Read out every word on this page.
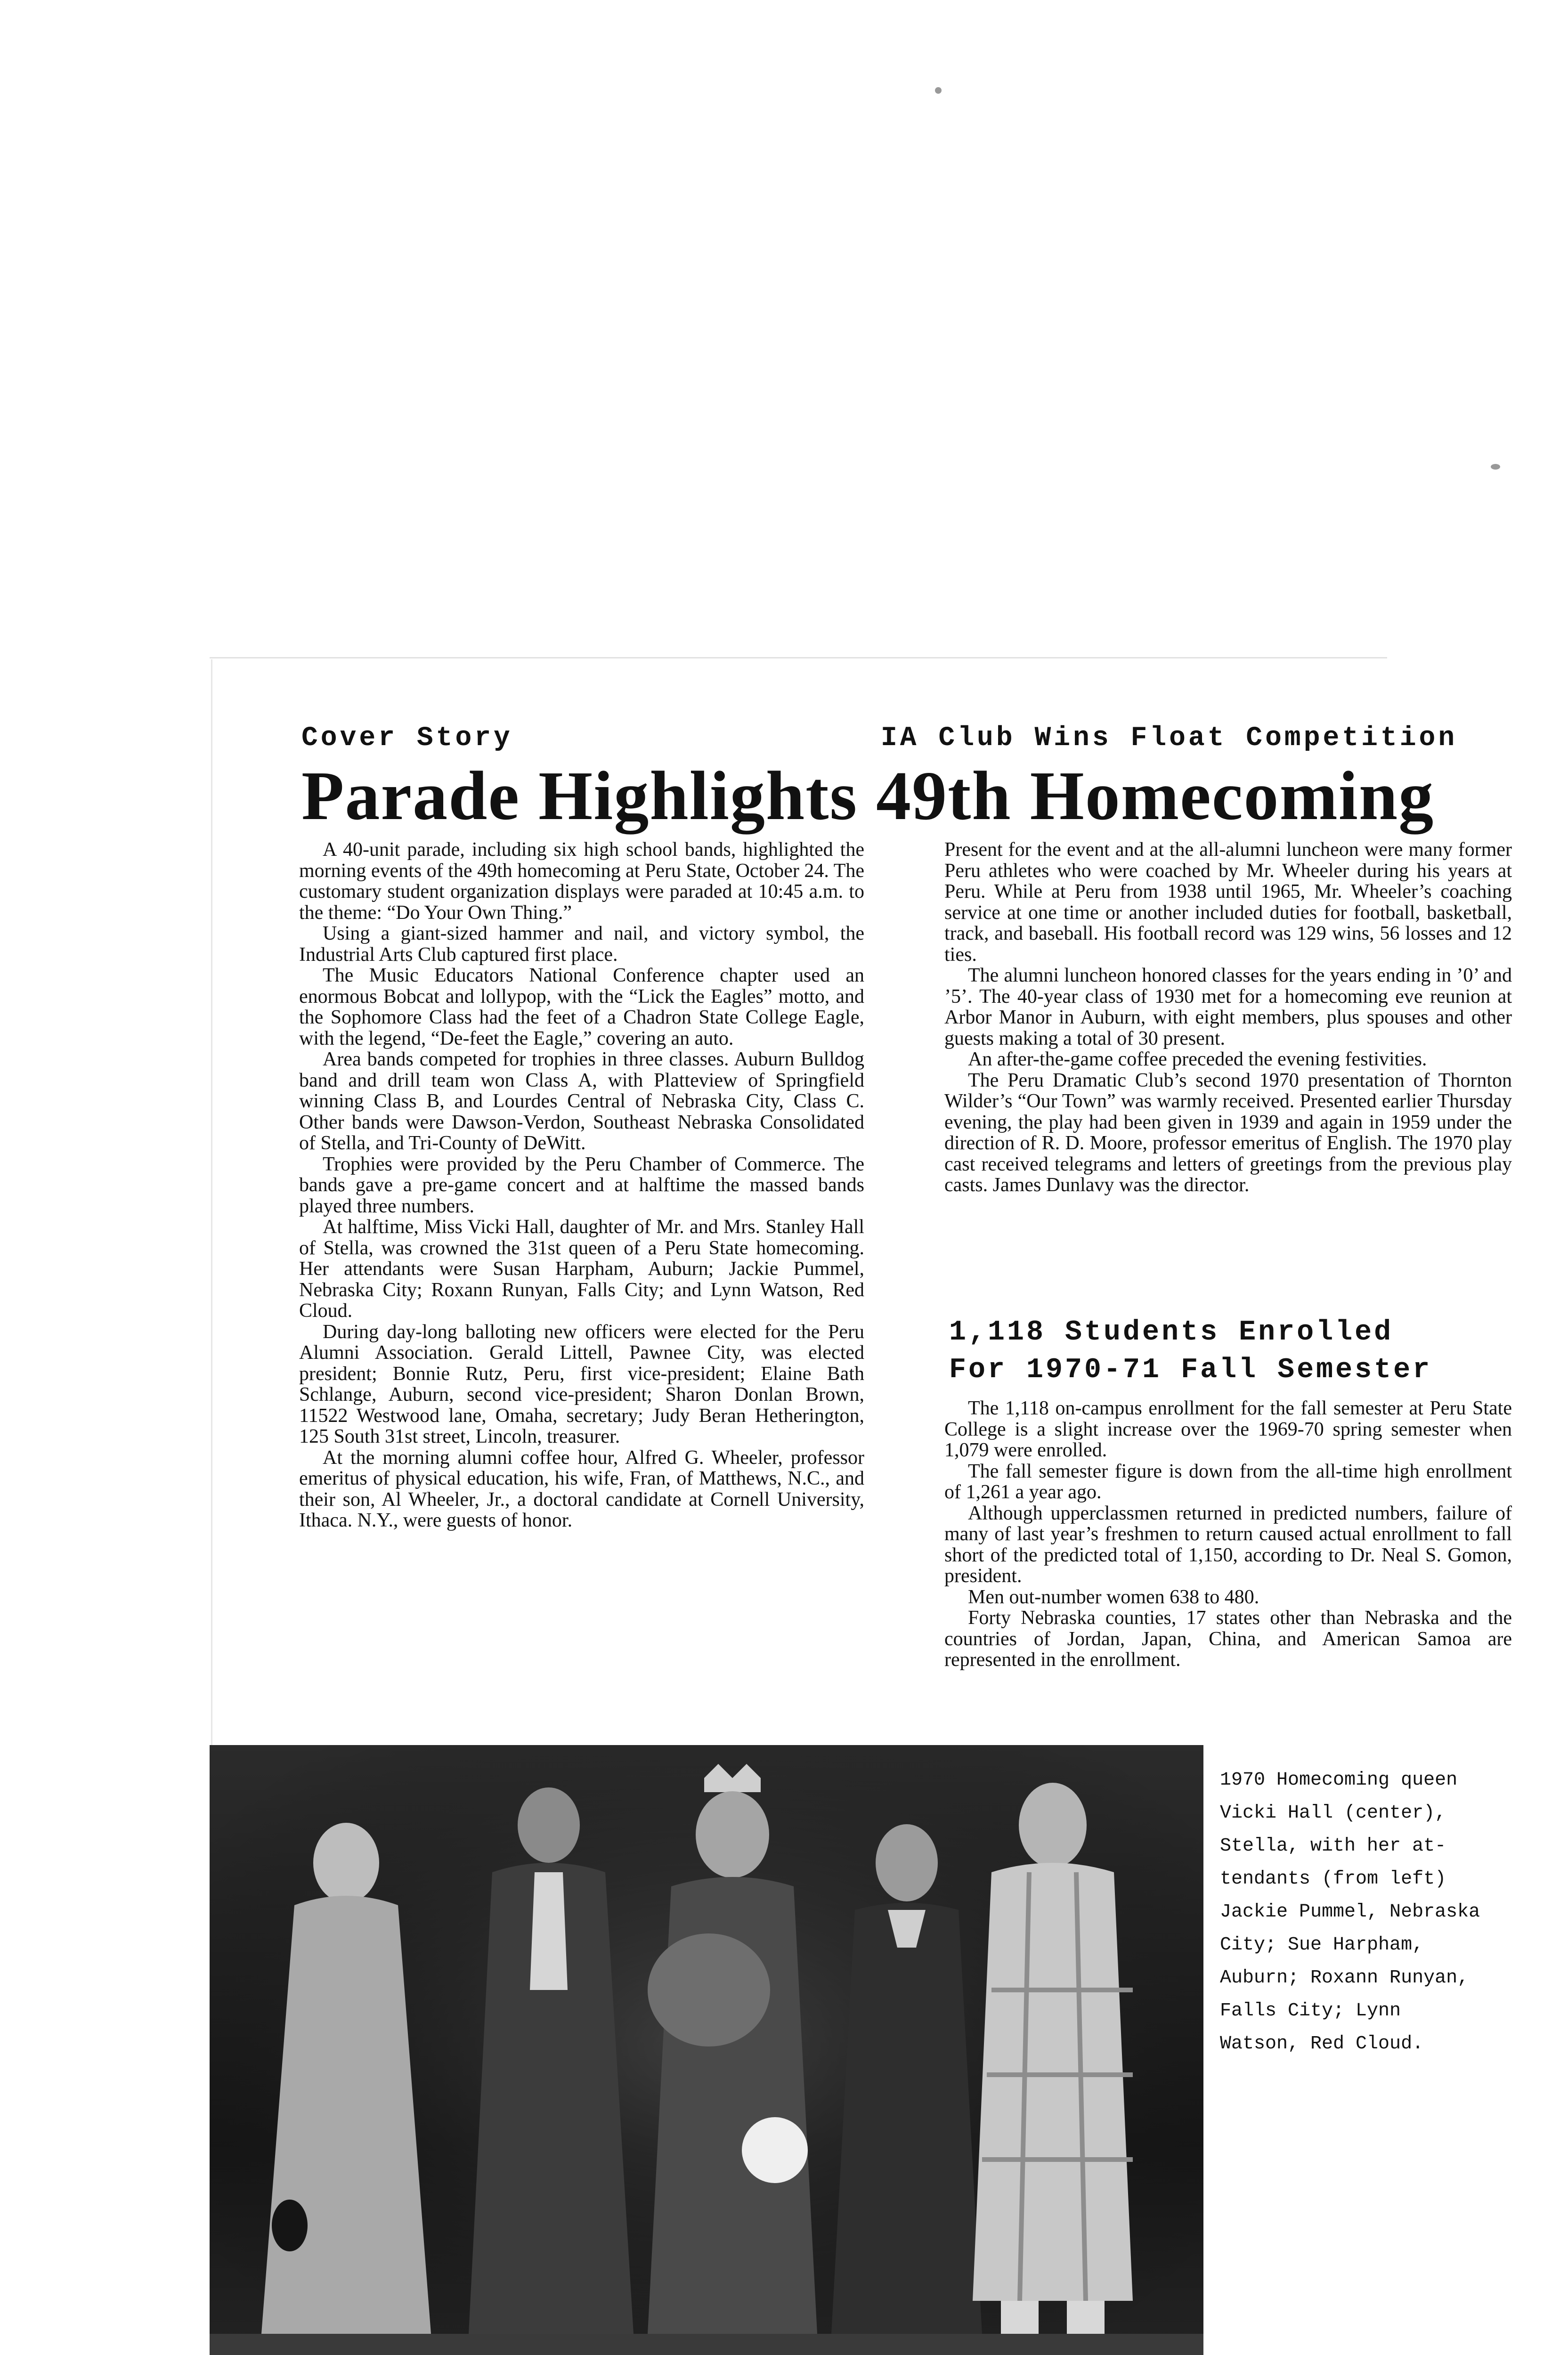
Cover Story	IA Club Wins Float Competition
Parade Highlights 49th Homecoming

A 40-unit parade, including six high school bands, highlighted the morning events of the 49th homecoming at Peru State, October 24. The customary student organization displays were paraded at 10:45 a.m. to the theme: “Do Your Own Thing.”

Using a giant-sized hammer and nail, and victory symbol, the Industrial Arts Club captured first place.

The Music Educators National Conference chapter used an enormous Bobcat and lollypop, with the “Lick the Eagles” motto, and the Sophomore Class had the feet of a Chadron State College Eagle, with the legend, “De-feet the Eagle,” covering an auto.

Area bands competed for trophies in three classes. Auburn Bulldog band and drill team won Class A, with Platteview of Springfield winning Class B, and Lourdes Central of Nebraska City, Class C. Other bands were Dawson-Verdon, Southeast Nebraska Consolidated of Stella, and Tri-County of DeWitt.

Trophies were provided by the Peru Chamber of Commerce. The bands gave a pre-game concert and at halftime the massed bands played three numbers.

At halftime, Miss Vicki Hall, daughter of Mr. and Mrs. Stanley Hall of Stella, was crowned the 31st queen of a Peru State homecoming. Her attendants were Susan Harpham, Auburn; Jackie Pummel, Nebraska City; Roxann Runyan, Falls City; and Lynn Watson, Red Cloud.

During day-long balloting new officers were elected for the Peru Alumni Association. Gerald Littell, Pawnee City, was elected president; Bonnie Rutz, Peru, first vice-president; Elaine Bath Schlange, Auburn, second vice-president; Sharon Donlan Brown, 11522 Westwood lane, Omaha, secretary; Judy Beran Hetherington, 125 South 31st street, Lincoln, treasurer.

At the morning alumni coffee hour, Alfred G. Wheeler, professor emeritus of physical education, his wife, Fran, of Matthews, N.C., and their son, Al Wheeler, Jr., a doctoral candidate at Cornell University, Ithaca. N.Y., were guests of honor.

Present for the event and at the all-alumni luncheon were many former Peru athletes who were coached by Mr. Wheeler during his years at Peru. While at Peru from 1938 until 1965, Mr. Wheeler’s coaching service at one time or another included duties for football, basketball, track, and baseball. His football record was 129 wins, 56 losses and 12 ties.

The alumni luncheon honored classes for the years ending in ’0’ and ’5’. The 40-year class of 1930 met for a homecoming eve reunion at Arbor Manor in Auburn, with eight members, plus spouses and other guests making a total of 30 present.

An after-the-game coffee preceded the evening festivities.

The Peru Dramatic Club’s second 1970 presentation of Thornton Wilder’s “Our Town” was warmly received. Presented earlier Thursday evening, the play had been given in 1939 and again in 1959 under the direction of R. D. Moore, professor emeritus of English. The 1970 play cast received telegrams and letters of greetings from the previous play casts. James Dunlavy was the director.

1,118 Students Enrolled
For 1970-71 Fall Semester

The 1,118 on-campus enrollment for the fall semester at Peru State College is a slight increase over the 1969-70 spring semester when 1,079 were enrolled.

The fall semester figure is down from the all-time high enrollment of 1,261 a year ago.

Although upperclassmen returned in predicted numbers, failure of many of last year’s freshmen to return caused actual enrollment to fall short of the predicted total of 1,150, according to Dr. Neal S. Gomon, president.

Men out-number women 638 to 480.

Forty Nebraska counties, 17 states other than Nebraska and the countries of Jordan, Japan, China, and American Samoa are represented in the enrollment.

1970 Homecoming queen
Vicki Hall (center),
Stella, with her at-
tendants (from left)
Jackie Pummel, Nebraska
City; Sue Harpham,
Auburn; Roxann Runyan,
Falls City; Lynn
Watson, Red Cloud.
